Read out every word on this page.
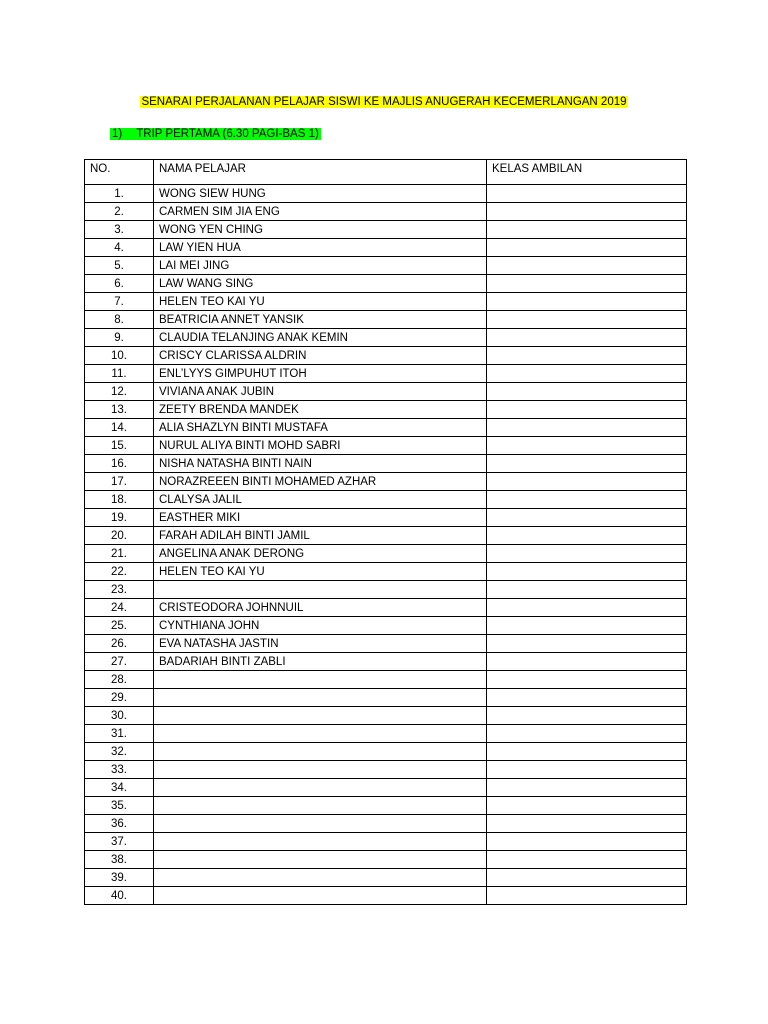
SENARAI PERJALANAN PELAJAR SISWI KE MAJLIS ANUGERAH KECEMERLANGAN 2019
1) TRIP PERTAMA (6.30 PAGI-BAS 1)
NO.	NAMA PELAJAR	KELAS AMBILAN
1.	WONG SIEW HUNG	
2.	CARMEN SIM JIA ENG	
3.	WONG YEN CHING	
4.	LAW YIEN HUA	
5.	LAI MEI JING	
6.	LAW WANG SING	
7.	HELEN TEO KAI YU	
8.	BEATRICIA ANNET YANSIK	
9.	CLAUDIA TELANJING ANAK KEMIN	
10.	CRISCY CLARISSA ALDRIN	
11.	ENL’LYYS GIMPUHUT ITOH	
12.	VIVIANA ANAK JUBIN	
13.	ZEETY BRENDA MANDEK	
14.	ALIA SHAZLYN BINTI MUSTAFA	
15.	NURUL ALIYA BINTI MOHD SABRI	
16.	NISHA NATASHA BINTI NAIN	
17.	NORAZREEEN BINTI MOHAMED AZHAR	
18.	CLALYSA JALIL	
19.	EASTHER MIKI	
20.	FARAH ADILAH BINTI JAMIL	
21.	ANGELINA ANAK DERONG	
22.	HELEN TEO KAI YU	
23.		
24.	CRISTEODORA JOHNNUIL	
25.	CYNTHIANA JOHN	
26.	EVA NATASHA JASTIN	
27.	BADARIAH BINTI ZABLI	
28.		
29.		
30.		
31.		
32.		
33.		
34.		
35.		
36.		
37.		
38.		
39.		
40.		
